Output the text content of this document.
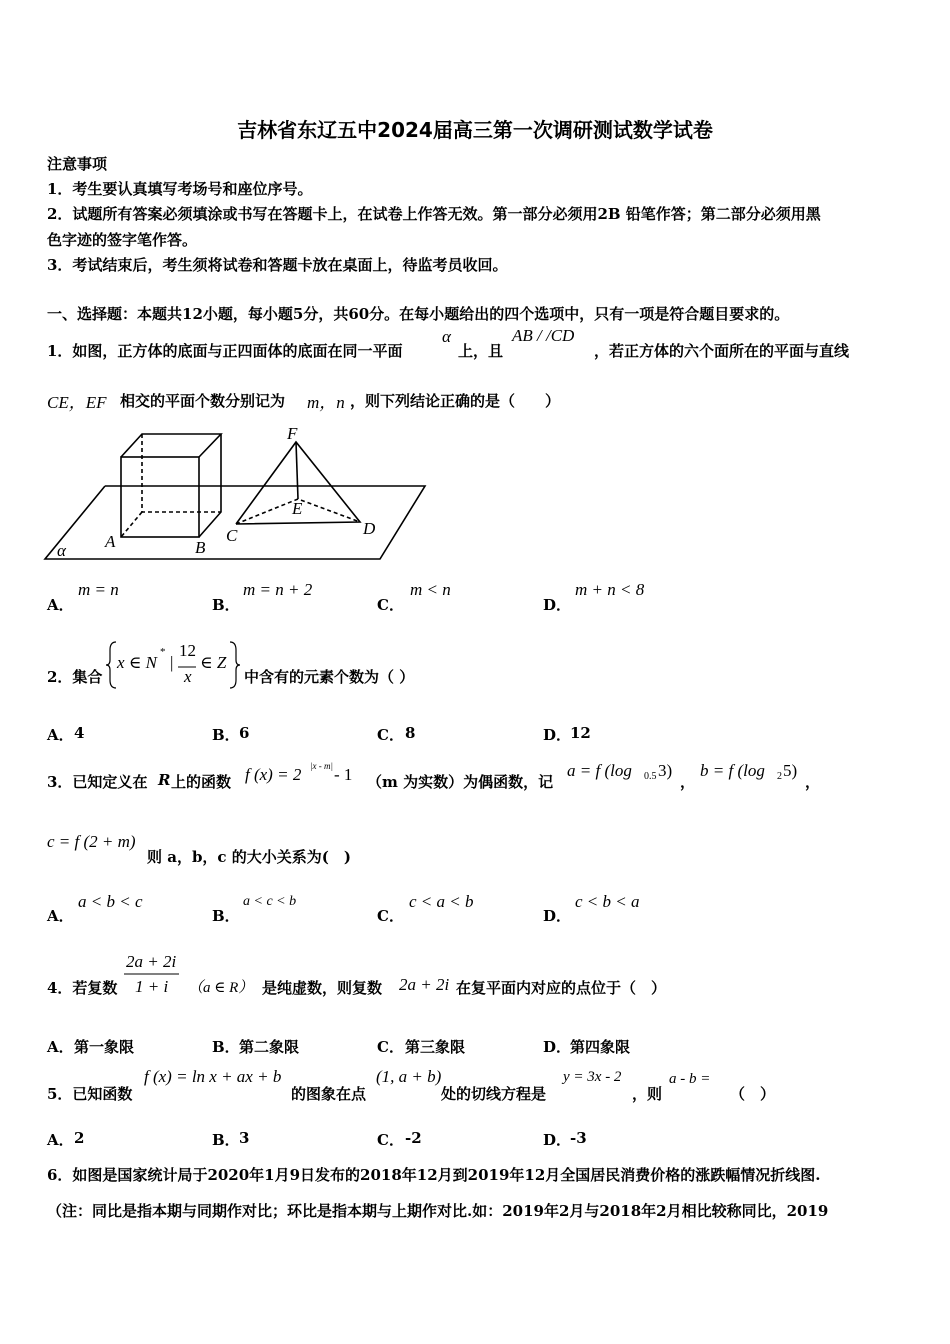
吉林省东辽五中2024届高三第一次调研测试数学试卷
注意事项
1．考生要认真填写考场号和座位序号。
2．试题所有答案必须填涂或书写在答题卡上，在试卷上作答无效。第一部分必须用2B 铅笔作答；第二部分必须用黑
色字迹的签字笔作答。
3．考试结束后，考生须将试卷和答题卡放在桌面上，待监考员收回。
一、选择题：本题共12小题，每小题5分，共60分。在每小题给出的四个选项中，只有一项是符合题目要求的。
1．如图，正方体的底面与正四面体的底面在同一平面
α
上，且
AB / /CD
，若正方体的六个面所在的平面与直线
CE，EF 相交的平面个数分别记为 m，n ，则下列结论正确的是（　　）
A	B
C	D
E
F
α
A．
m = n
B．
m = n + 2
C．
m < n
D．
m + n < 8
2．集合
x ∈ N
*
|
12
x
∈ Z
中含有的元素个数为（ ）
A． 4	B． 6	C． 8	D．
12
3．已知定义在 R 上的函数 f (x) = 2 |x - m| - 1 （m 为实数）为偶函数，记
a = f (log 0.5 3)
，
b = f (log 2 5)
，
c = f (2 + m)
则 a，b，c 的大小关系为(　)
A．
a < b < c
B．
a < c < b
C．
c < a < b
D．
c < b < a
4．若复数
2a + 2i
1 + i （a ∈ R） 是纯虚数，则复数 2a + 2i 在复平面内对应的点位于（　）
A． 第一象限	B． 第二象限	C． 第三象限	D．
第四象限
5．已知函数
f (x) = ln x + ax + b
的图象在点
(1, a + b)
处的切线方程是
y = 3x - 2
，则
a - b =
（　）
A． 2	B． 3	C． -2	D．
-3
6．如图是国家统计局于2020年1月9日发布的2018年12月到2019年12月全国居民消费价格的涨跌幅情况折线图.
（注：同比是指本期与同期作对比；环比是指本期与上期作对比.如：2019年2月与2018年2月相比较称同比，2019
